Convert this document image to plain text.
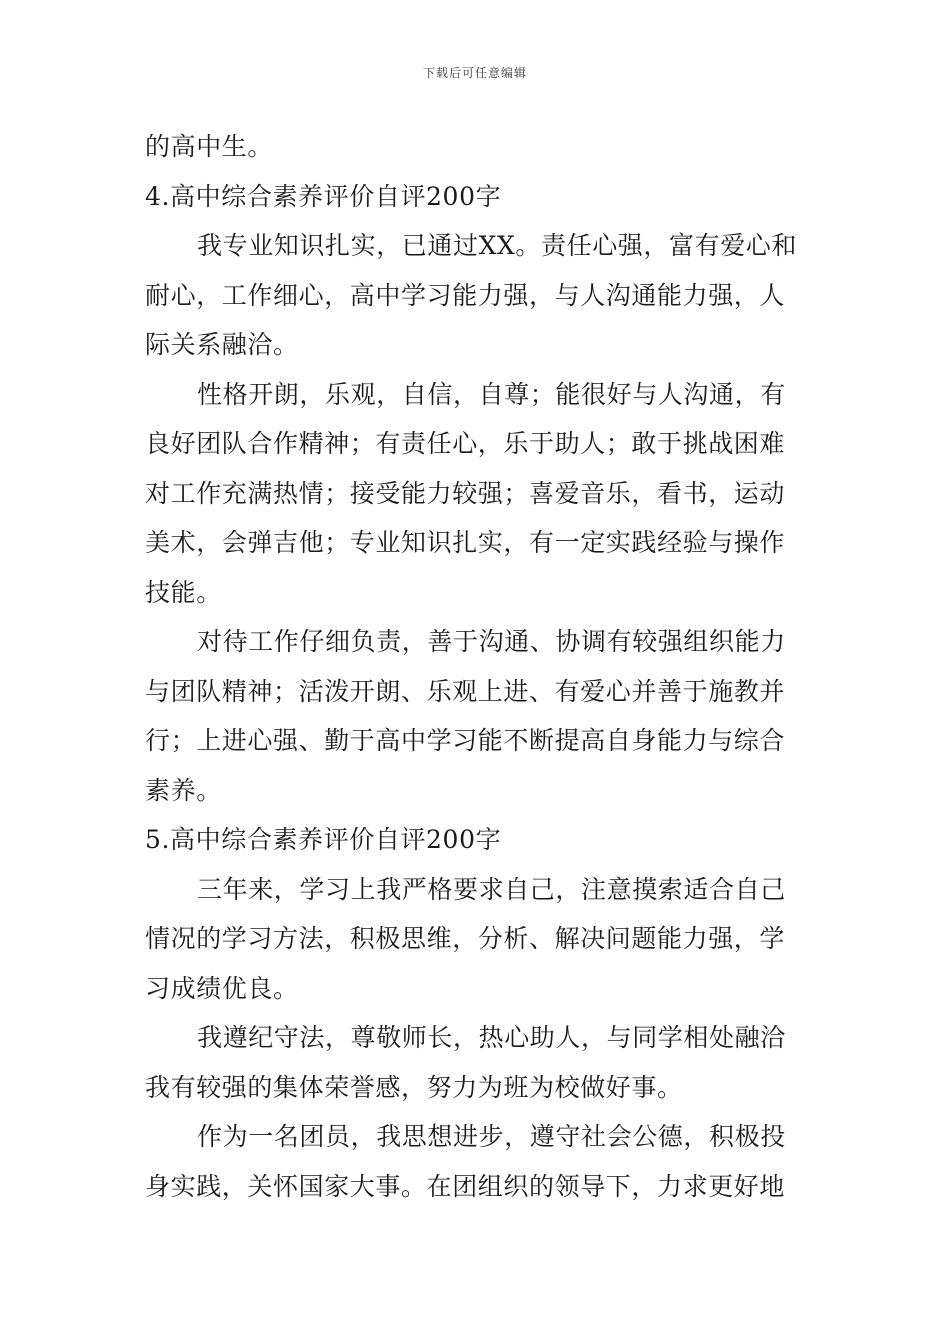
下载后可任意编辑
的高中生。
4.高中综合素养评价自评200字
我专业知识扎实，已通过XX。责任心强，富有爱心和
耐心，工作细心，高中学习能力强，与人沟通能力强，人
际关系融洽。
性格开朗，乐观，自信，自尊；能很好与人沟通，有
良好团队合作精神；有责任心，乐于助人；敢于挑战困难
对工作充满热情；接受能力较强；喜爱音乐，看书，运动
美术，会弹吉他；专业知识扎实，有一定实践经验与操作
技能。
对待工作仔细负责，善于沟通、协调有较强组织能力
与团队精神；活泼开朗、乐观上进、有爱心并善于施教并
行；上进心强、勤于高中学习能不断提高自身能力与综合
素养。
5.高中综合素养评价自评200字
三年来，学习上我严格要求自己，注意摸索适合自己
情况的学习方法，积极思维，分析、解决问题能力强，学
习成绩优良。
我遵纪守法，尊敬师长，热心助人，与同学相处融洽
我有较强的集体荣誉感，努力为班为校做好事。
作为一名团员，我思想进步，遵守社会公德，积极投
身实践，关怀国家大事。在团组织的领导下，力求更好地
